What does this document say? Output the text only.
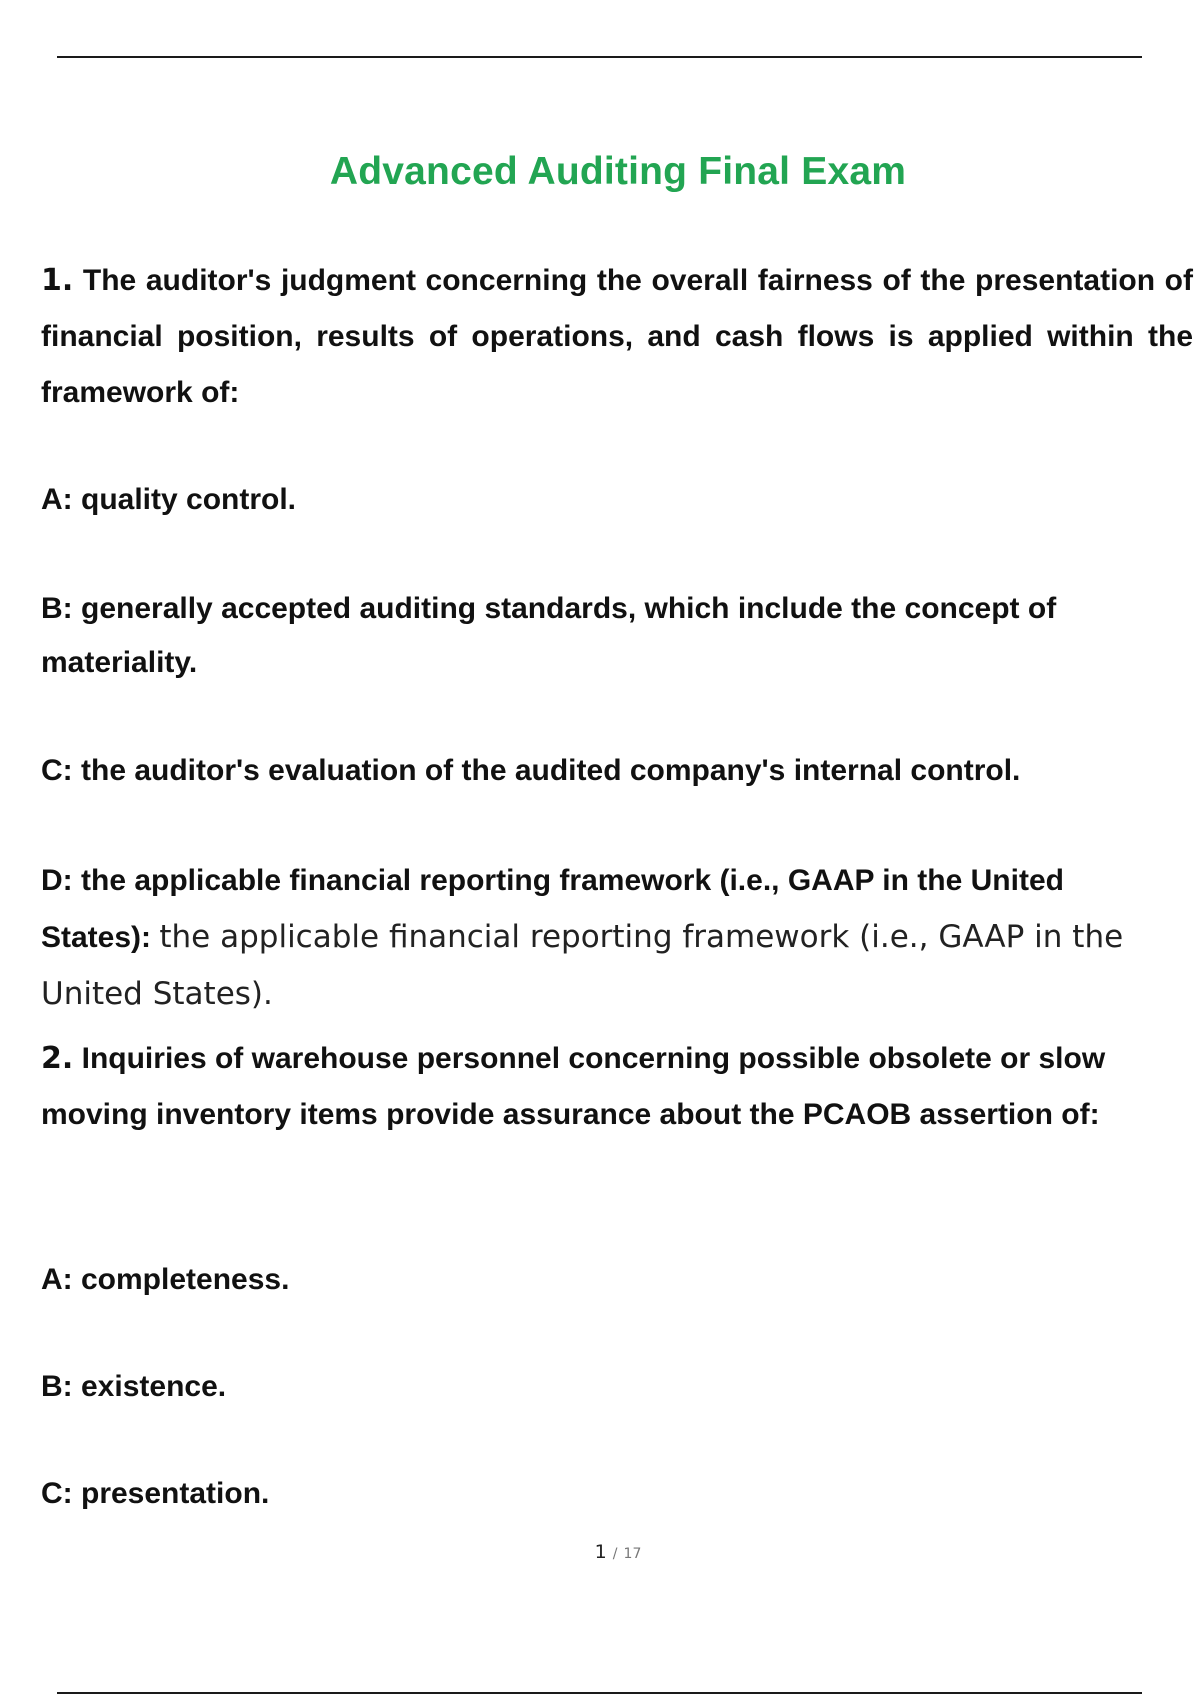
Advanced Auditing Final Exam
1. The auditor's judgment concerning the overall fairness of the presentation of financial position, results of operations, and cash flows is applied within the framework of:
A: quality control.
B: generally accepted auditing standards, which include the concept of materiality.
C: the auditor's evaluation of the audited company's internal control.
D: the applicable financial reporting framework (i.e., GAAP in the United States): the applicable financial reporting framework (i.e., GAAP in the United States).
2. Inquiries of warehouse personnel concerning possible obsolete or slow moving inventory items provide assurance about the PCAOB assertion of:
A: completeness.
B: existence.
C: presentation.
1 / 17
